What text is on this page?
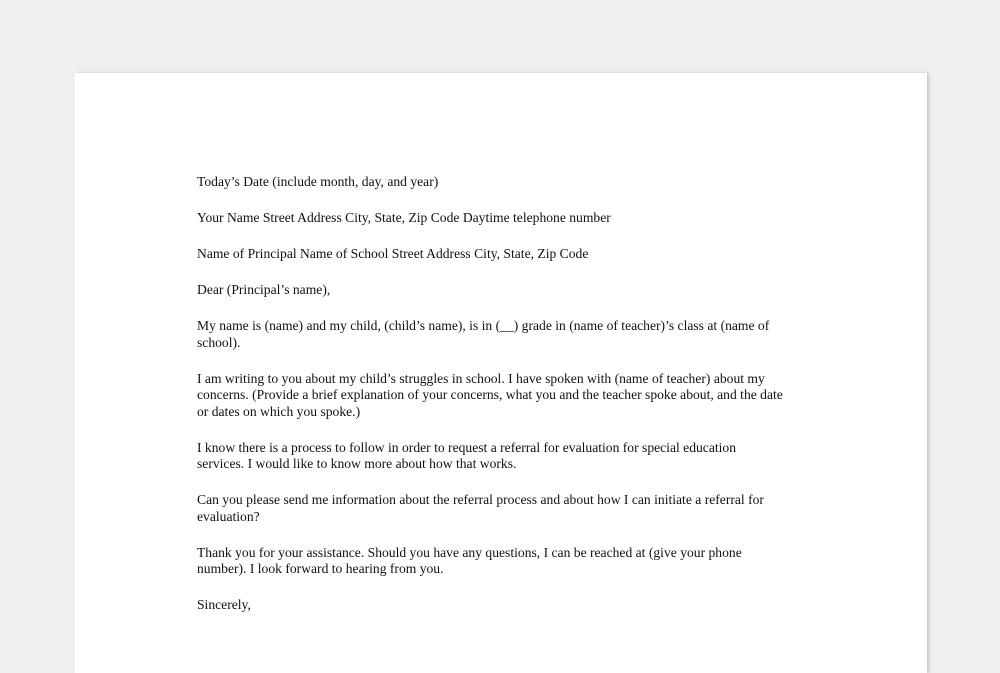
Today’s Date (include month, day, and year)

Your Name Street Address City, State, Zip Code Daytime telephone number

Name of Principal Name of School Street Address City, State, Zip Code

Dear (Principal’s name),

My name is (name) and my child, (child’s name), is in (__) grade in (name of teacher)’s class at (name of
school).

I am writing to you about my child’s struggles in school. I have spoken with (name of teacher) about my
concerns. (Provide a brief explanation of your concerns, what you and the teacher spoke about, and the date
or dates on which you spoke.)

I know there is a process to follow in order to request a referral for evaluation for special education
services. I would like to know more about how that works.

Can you please send me information about the referral process and about how I can initiate a referral for
evaluation?

Thank you for your assistance. Should you have any questions, I can be reached at (give your phone
number). I look forward to hearing from you.

Sincerely,
